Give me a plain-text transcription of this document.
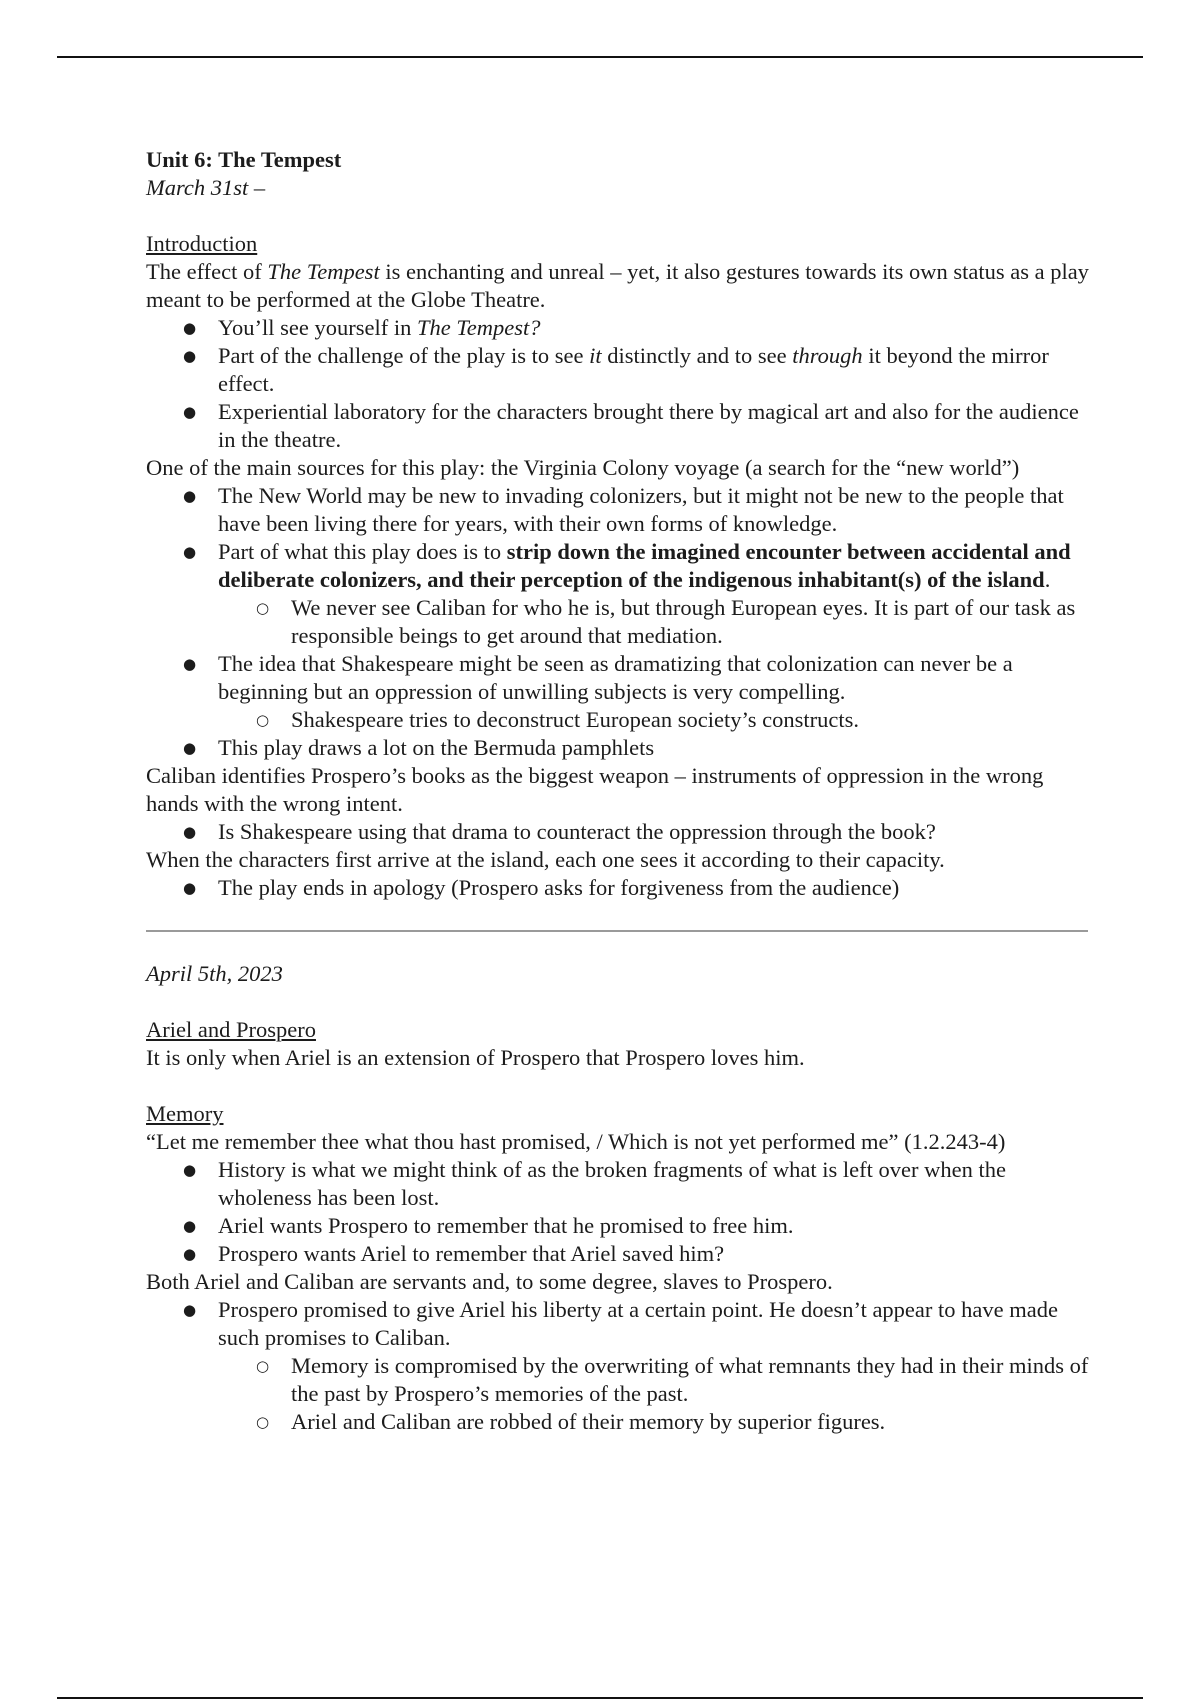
Unit 6: The Tempest

March 31st –

Introduction

The effect of The Tempest is enchanting and unreal – yet, it also gestures towards its own status as a play meant to be performed at the Globe Theatre.

● You’ll see yourself in The Tempest?
● Part of the challenge of the play is to see it distinctly and to see through it beyond the mirror effect.
● Experiential laboratory for the characters brought there by magical art and also for the audience in the theatre.

One of the main sources for this play: the Virginia Colony voyage (a search for the “new world”)

● The New World may be new to invading colonizers, but it might not be new to the people that have been living there for years, with their own forms of knowledge.
● Part of what this play does is to strip down the imagined encounter between accidental and deliberate colonizers, and their perception of the indigenous inhabitant(s) of the island.
○ We never see Caliban for who he is, but through European eyes. It is part of our task as responsible beings to get around that mediation.
● The idea that Shakespeare might be seen as dramatizing that colonization can never be a beginning but an oppression of unwilling subjects is very compelling.
○ Shakespeare tries to deconstruct European society’s constructs.
● This play draws a lot on the Bermuda pamphlets

Caliban identifies Prospero’s books as the biggest weapon – instruments of oppression in the wrong hands with the wrong intent.

● Is Shakespeare using that drama to counteract the oppression through the book?

When the characters first arrive at the island, each one sees it according to their capacity.

● The play ends in apology (Prospero asks for forgiveness from the audience)

April 5th, 2023

Ariel and Prospero

It is only when Ariel is an extension of Prospero that Prospero loves him.

Memory

“Let me remember thee what thou hast promised, / Which is not yet performed me” (1.2.243-4)

● History is what we might think of as the broken fragments of what is left over when the wholeness has been lost.
● Ariel wants Prospero to remember that he promised to free him.
● Prospero wants Ariel to remember that Ariel saved him?

Both Ariel and Caliban are servants and, to some degree, slaves to Prospero.

● Prospero promised to give Ariel his liberty at a certain point. He doesn’t appear to have made such promises to Caliban.
○ Memory is compromised by the overwriting of what remnants they had in their minds of the past by Prospero’s memories of the past.
○ Ariel and Caliban are robbed of their memory by superior figures.
